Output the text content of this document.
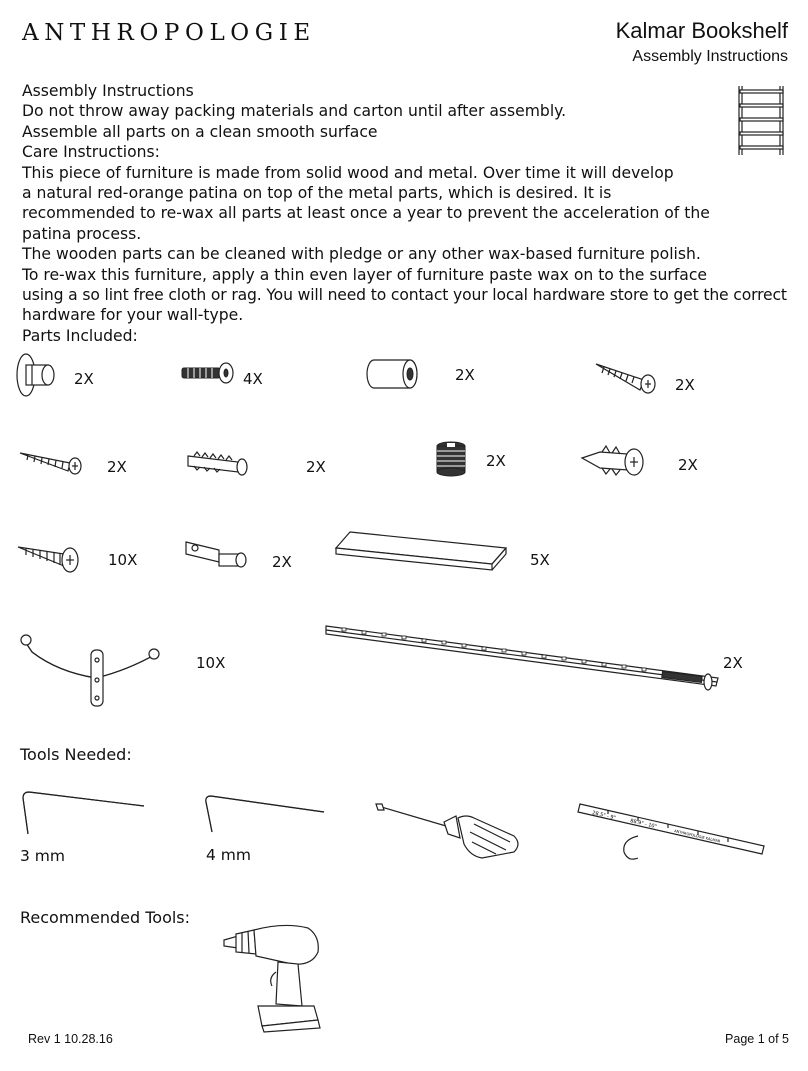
ANTHROPOLOGIE	Kalmar Bookshelf
Assembly Instructions
Assembly Instructions
Do not throw away packing materials and carton until after assembly.
Assemble all parts on a clean smooth surface
Care Instructions:
This piece of furniture is made from solid wood and metal. Over time it will develop
a natural red-orange patina on top of the metal parts, which is desired. It is
recommended to re-wax all parts at least once a year to prevent the acceleration of the
patina process.
The wooden parts can be cleaned with pledge or any other wax-based furniture polish.
To re-wax this furniture, apply a thin even layer of furniture paste wax on to the surface
using a so lint free cloth or rag. You will need to contact your local hardware store to get the correct
hardware for your wall-type.
Parts Included:
2X	4X	2X
2X
2X	2X	2X	2X
10X	2X	5X
10X	2X
Tools Needed:
3 mm	4 mm
28.5" - 9"
88.9" - 10"
ANTHROPOLOGIE KALMAR
Recommended Tools:
Rev 1 10.28.16	Page 1 of 5
